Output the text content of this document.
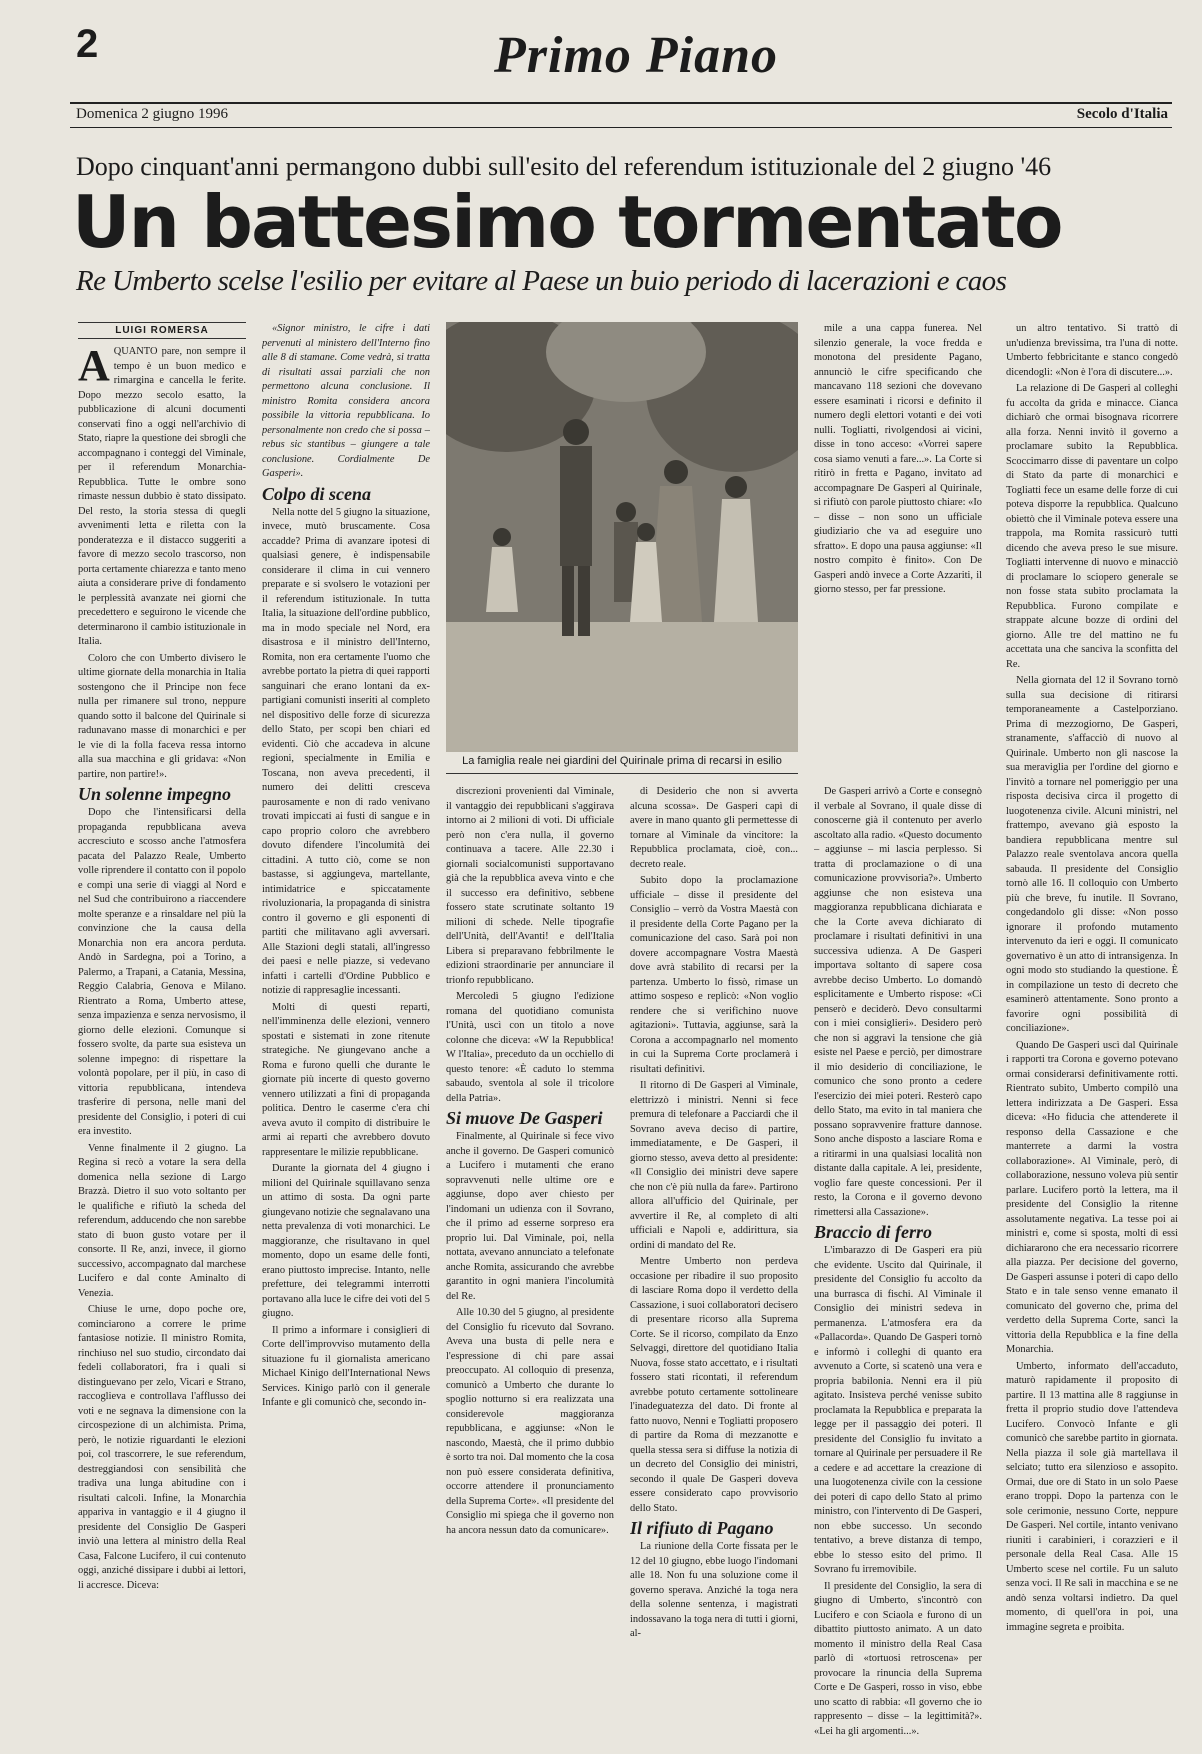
2	Primo Piano
Domenica 2 giugno 1996	Secolo d'Italia
Dopo cinquant'anni permangono dubbi sull'esito del referendum istituzionale del 2 giugno '46
Un battesimo tormentato
Re Umberto scelse l'esilio per evitare al Paese un buio periodo di lacerazioni e caos
LUIGI ROMERSA

AQUANTO pare, non sempre il tempo è un buon medico e rimargina e cancella le ferite. Dopo mezzo secolo esatto, la pubblicazione di alcuni documenti conservati fino a oggi nell'archivio di Stato, riapre la questione dei sbrogli che accompagnano i conteggi del Viminale, per il referendum Monarchia-Repubblica. Tutte le ombre sono rimaste nessun dubbio è stato dissipato. Del resto, la storia stessa di quegli avvenimenti letta e riletta con la ponderatezza e il distacco suggeriti a favore di mezzo secolo trascorso, non porta certamente chiarezza e tanto meno aiuta a considerare prive di fondamento le perplessità avanzate nei giorni che precedettero e seguirono le vicende che determinarono il cambio istituzionale in Italia.

Coloro che con Umberto divisero le ultime giornate della monarchia in Italia sostengono che il Principe non fece nulla per rimanere sul trono, neppure quando sotto il balcone del Quirinale si radunavano masse di monarchici e per le vie di la folla faceva ressa intorno alla sua macchina e gli gridava: «Non partire, non partire!».

Un solenne impegno

Dopo che l'intensificarsi della propaganda repubblicana aveva accresciuto e scosso anche l'atmosfera pacata del Palazzo Reale, Umberto volle riprendere il contatto con il popolo e compì una serie di viaggi al Nord e nel Sud che contribuirono a riaccendere molte speranze e a rinsaldare nel più la convinzione che la causa della Monarchia non era ancora perduta. Andò in Sardegna, poi a Torino, a Palermo, a Trapani, a Catania, Messina, Reggio Calabria, Genova e Milano. Rientrato a Roma, Umberto attese, senza impazienza e senza nervosismo, il giorno delle elezioni. Comunque si fossero svolte, da parte sua esisteva un solenne impegno: di rispettare la volontà popolare, per il più, in caso di vittoria repubblicana, intendeva trasferire di persona, nelle mani del presidente del Consiglio, i poteri di cui era investito.

Venne finalmente il 2 giugno. La Regina si recò a votare la sera della domenica nella sezione di Largo Brazzà. Dietro il suo voto soltanto per le qualifiche e rifiutò la scheda del referendum, adducendo che non sarebbe stato di buon gusto votare per il consorte. Il Re, anzi, invece, il giorno successivo, accompagnato dal marchese Lucifero e dal conte Aminalto di Venezia.

Chiuse le urne, dopo poche ore, cominciarono a correre le prime fantasiose notizie. Il ministro Romita, rinchiuso nel suo studio, circondato dai fedeli collaboratori, fra i quali si distinguevano per zelo, Vicari e Strano, raccoglieva e controllava l'afflusso dei voti e ne segnava la dimensione con la circospezione di un alchimista. Prima, però, le notizie riguardanti le elezioni poi, col trascorrere, le sue referendum, destreggiandosi con sensibilità che tradiva una lunga abitudine con i risultati calcoli. Infine, la Monarchia appariva in vantaggio e il 4 giugno il presidente del Consiglio De Gasperi inviò una lettera al ministro della Real Casa, Falcone Lucifero, il cui contenuto oggi, anziché dissipare i dubbi ai lettori, li accresce. Diceva:

«Signor ministro, le cifre i dati pervenuti al ministero dell'Interno fino alle 8 di stamane. Come vedrà, si tratta di risultati assai parziali che non permettono alcuna conclusione. Il ministro Romita considera ancora possibile la vittoria repubblicana. Io personalmente non credo che si possa – rebus sic stantibus – giungere a tale conclusione. Cordialmente De Gasperi».

Colpo di scena

Nella notte del 5 giugno la situazione, invece, mutò bruscamente. Cosa accadde? Prima di avanzare ipotesi di qualsiasi genere, è indispensabile considerare il clima in cui vennero preparate e si svolsero le votazioni per il referendum istituzionale. In tutta Italia, la situazione dell'ordine pubblico, ma in modo speciale nel Nord, era disastrosa e il ministro dell'Interno, Romita, non era certamente l'uomo che avrebbe portato la pietra di quei rapporti sanguinari che erano lontani da ex-partigiani comunisti inseriti al completo nel dispositivo delle forze di sicurezza dello Stato, per scopi ben chiari ed evidenti. Ciò che accadeva in alcune regioni, specialmente in Emilia e Toscana, non aveva precedenti, il numero dei delitti cresceva paurosamente e non di rado venivano trovati impiccati ai fusti di sangue e in capo proprio coloro che avrebbero dovuto difendere l'incolumità dei cittadini. A tutto ciò, come se non bastasse, si aggiungeva, martellante, intimidatrice e spiccatamente rivoluzionaria, la propaganda di sinistra contro il governo e gli esponenti di partiti che militavano agli avversari. Alle Stazioni degli statali, all'ingresso dei paesi e nelle piazze, si vedevano infatti i cartelli d'Ordine Pubblico e notizie di rappresaglie incessanti.

Molti di questi reparti, nell'imminenza delle elezioni, vennero spostati e sistemati in zone ritenute strategiche. Ne giungevano anche a Roma e furono quelli che durante le giornate più incerte di questo governo vennero utilizzati a fini di propaganda politica. Dentro le caserme c'era chi aveva avuto il compito di distribuire le armi ai reparti che avrebbero dovuto rappresentare le milizie repubblicane.

Durante la giornata del 4 giugno i milioni del Quirinale squillavano senza un attimo di sosta. Da ogni parte giungevano notizie che segnalavano una netta prevalenza di voti monarchici. Le maggioranze, che risultavano in quel momento, dopo un esame delle fonti, erano piuttosto imprecise. Intanto, nelle prefetture, dei telegrammi interrotti portavano alla luce le cifre dei voti del 5 giugno.

Il primo a informare i consiglieri di Corte dell'improvviso mutamento della situazione fu il giornalista americano Michael Kinigo dell'International News Services. Kinigo parlò con il generale Infante e gli comunicò che, secondo in-

La famiglia reale nei giardini del Quirinale prima di recarsi in esilio

discrezioni provenienti dal Viminale, il vantaggio dei repubblicani s'aggirava intorno ai 2 milioni di voti. Di ufficiale però non c'era nulla, il governo continuava a tacere. Alle 22.30 i giornali socialcomunisti supportavano già che la repubblica aveva vinto e che il successo era definitivo, sebbene fossero state scrutinate soltanto 19 milioni di schede. Nelle tipografie dell'Unità, dell'Avanti! e dell'Italia Libera si preparavano febbrilmente le edizioni straordinarie per annunciare il trionfo repubblicano.

Mercoledì 5 giugno l'edizione romana del quotidiano comunista l'Unità, uscì con un titolo a nove colonne che diceva: «W la Repubblica! W l'Italia», preceduto da un occhiello di questo tenore: «È caduto lo stemma sabaudo, sventola al sole il tricolore della Patria».

Si muove De Gasperi

Finalmente, al Quirinale si fece vivo anche il governo. De Gasperi comunicò a Lucifero i mutamenti che erano sopravvenuti nelle ultime ore e aggiunse, dopo aver chiesto per l'indomani un udienza con il Sovrano, che il primo ad esserne sorpreso era proprio lui. Dal Viminale, poi, nella nottata, avevano annunciato a telefonate anche Romita, assicurando che avrebbe garantito in ogni maniera l'incolumità del Re.

Alle 10.30 del 5 giugno, al presidente del Consiglio fu ricevuto dal Sovrano. Aveva una busta di pelle nera e l'espressione di chi pare assai preoccupato. Al colloquio di presenza, comunicò a Umberto che durante lo spoglio notturno si era realizzata una considerevole maggioranza repubblicana, e aggiunse: «Non le nascondo, Maestà, che il primo dubbio è sorto tra noi. Dal momento che la cosa non può essere considerata definitiva, occorre attendere il pronunciamento della Suprema Corte». «Il presidente del Consiglio mi spiega che il governo non ha ancora nessun dato da comunicare».

di Desiderio che non si avverta alcuna scossa». De Gasperi capì di avere in mano quanto gli permettesse di tornare al Viminale da vincitore: la Repubblica proclamata, cioè, con... decreto reale.

Subito dopo la proclamazione ufficiale – disse il presidente del Consiglio – verrò da Vostra Maestà con il presidente della Corte Pagano per la comunicazione del caso. Sarà poi non dovere accompagnare Vostra Maestà dove avrà stabilito di recarsi per la partenza. Umberto lo fissò, rimase un attimo sospeso e replicò: «Non voglio rendere che si verifichino nuove agitazioni». Tuttavia, aggiunse, sarà la Corona a accompagnarlo nel momento in cui la Suprema Corte proclamerà i risultati definitivi.

Il ritorno di De Gasperi al Viminale, elettrizzò i ministri. Nenni si fece premura di telefonare a Pacciardi che il Sovrano aveva deciso di partire, immediatamente, e De Gasperi, il giorno stesso, aveva detto al presidente: «Il Consiglio dei ministri deve sapere che non c'è più nulla da fare». Partirono allora all'ufficio del Quirinale, per avvertire il Re, al completo di alti ufficiali e Napoli e, addirittura, sia ordini di mandato del Re.

Mentre Umberto non perdeva occasione per ribadire il suo proposito di lasciare Roma dopo il verdetto della Cassazione, i suoi collaboratori decisero di presentare ricorso alla Suprema Corte. Se il ricorso, compilato da Enzo Selvaggi, direttore del quotidiano Italia Nuova, fosse stato accettato, e i risultati fossero stati ricontati, il referendum avrebbe potuto certamente sottolineare l'inadeguatezza del dato. Di fronte al fatto nuovo, Nenni e Togliatti proposero di partire da Roma di mezzanotte e quella stessa sera si diffuse la notizia di un decreto del Consiglio dei ministri, secondo il quale De Gasperi doveva essere considerato capo provvisorio dello Stato.

Il rifiuto di Pagano

La riunione della Corte fissata per le 12 del 10 giugno, ebbe luogo l'indomani alle 18. Non fu una soluzione come il governo sperava. Anziché la toga nera della solenne sentenza, i magistrati indossavano la toga nera di tutti i giorni, al-

mile a una cappa funerea. Nel silenzio generale, la voce fredda e monotona del presidente Pagano, annunciò le cifre specificando che mancavano 118 sezioni che dovevano essere esaminati i ricorsi e definito il numero degli elettori votanti e dei voti nulli. Togliatti, rivolgendosi ai vicini, disse in tono acceso: «Vorrei sapere cosa siamo venuti a fare...». La Corte si ritirò in fretta e Pagano, invitato ad accompagnare De Gasperi al Quirinale, si rifiutò con parole piuttosto chiare: «Io – disse – non sono un ufficiale giudiziario che va ad eseguire uno sfratto». E dopo una pausa aggiunse: «Il nostro compito è finito». Con De Gasperi andò invece a Corte Azzariti, il giorno stesso, per far pressione.

De Gasperi arrivò a Corte e consegnò il verbale al Sovrano, il quale disse di conoscerne già il contenuto per averlo ascoltato alla radio. «Questo documento – aggiunse – mi lascia perplesso. Si tratta di proclamazione o di una comunicazione provvisoria?». Umberto aggiunse che non esisteva una maggioranza repubblicana dichiarata e che la Corte aveva dichiarato di proclamare i risultati definitivi in una successiva udienza. A De Gasperi importava soltanto di sapere cosa avrebbe deciso Umberto. Lo domandò esplicitamente e Umberto rispose: «Ci penserò e deciderò. Devo consultarmi con i miei consiglieri». Desidero però che non si aggravi la tensione che già esiste nel Paese e perciò, per dimostrare il mio desiderio di conciliazione, le comunico che sono pronto a cedere l'esercizio dei miei poteri. Resterò capo dello Stato, ma evito in tal maniera che possano sopravvenire fratture dannose. Sono anche disposto a lasciare Roma e a ritirarmi in una qualsiasi località non distante dalla capitale. A lei, presidente, voglio fare queste concessioni. Per il resto, la Corona e il governo devono rimettersi alla Cassazione».

Braccio di ferro

L'imbarazzo di De Gasperi era più che evidente. Uscito dal Quirinale, il presidente del Consiglio fu accolto da una burrasca di fischi. Al Viminale il Consiglio dei ministri sedeva in permanenza. L'atmosfera era da «Pallacorda». Quando De Gasperi tornò e informò i colleghi di quanto era avvenuto a Corte, si scatenò una vera e propria babilonia. Nenni era il più agitato. Insisteva perché venisse subito proclamata la Repubblica e preparata la legge per il passaggio dei poteri. Il presidente del Consiglio fu invitato a tornare al Quirinale per persuadere il Re a cedere e ad accettare la creazione di una luogotenenza civile con la cessione dei poteri di capo dello Stato al primo ministro, con l'intervento di De Gasperi, non ebbe successo. Un secondo tentativo, a breve distanza di tempo, ebbe lo stesso esito del primo. Il Sovrano fu irremovibile.

Il presidente del Consiglio, la sera di giugno di Umberto, s'incontrò con Lucifero e con Sciaola e furono di un dibattito piuttosto animato. A un dato momento il ministro della Real Casa parlò di «tortuosi retroscena» per provocare la rinuncia della Suprema Corte e De Gasperi, rosso in viso, ebbe uno scatto di rabbia: «Il governo che io rappresento – disse – la legittimità?». «Lei ha gli argomenti...».

un altro tentativo. Si trattò di un'udienza brevissima, tra l'una di notte. Umberto febbricitante e stanco congedò dicendogli: «Non è l'ora di discutere...».

La relazione di De Gasperi al colleghi fu accolta da grida e minacce. Cianca dichiarò che ormai bisognava ricorrere alla forza. Nenni invitò il governo a proclamare subito la Repubblica. Scoccimarro disse di paventare un colpo di Stato da parte di monarchici e Togliatti fece un esame delle forze di cui poteva disporre la repubblica. Qualcuno obiettò che il Viminale poteva essere una trappola, ma Romita rassicurò tutti dicendo che aveva preso le sue misure. Togliatti intervenne di nuovo e minacciò di proclamare lo sciopero generale se non fosse stata subito proclamata la Repubblica. Furono compilate e strappate alcune bozze di ordini del giorno. Alle tre del mattino ne fu accettata una che sanciva la sconfitta del Re.

Nella giornata del 12 il Sovrano tornò sulla sua decisione di ritirarsi temporaneamente a Castelporziano. Prima di mezzogiorno, De Gasperi, stranamente, s'affacciò di nuovo al Quirinale. Umberto non gli nascose la sua meraviglia per l'ordine del giorno e l'invitò a tornare nel pomeriggio per una risposta decisiva circa il progetto di luogotenenza civile. Alcuni ministri, nel frattempo, avevano già esposto la bandiera repubblicana mentre sul Palazzo reale sventolava ancora quella sabauda. Il presidente del Consiglio tornò alle 16. Il colloquio con Umberto più che breve, fu inutile. Il Sovrano, congedandolo gli disse: «Non posso ignorare il profondo mutamento intervenuto da ieri e oggi. Il comunicato governativo è un atto di intransigenza. In ogni modo sto studiando la questione. È in compilazione un testo di decreto che esaminerò attentamente. Sono pronto a favorire ogni possibilità di conciliazione».

Quando De Gasperi uscì dal Quirinale i rapporti tra Corona e governo potevano ormai considerarsi definitivamente rotti. Rientrato subito, Umberto compilò una lettera indirizzata a De Gasperi. Essa diceva: «Ho fiducia che attenderete il responso della Cassazione e che manterrete a darmi la vostra collaborazione». Al Viminale, però, di collaborazione, nessuno voleva più sentir parlare. Lucifero portò la lettera, ma il presidente del Consiglio la ritenne assolutamente negativa. La tesse poi ai ministri e, come si sposta, molti di essi dichiararono che era necessario ricorrere alla piazza. Per decisione del governo, De Gasperi assunse i poteri di capo dello Stato e in tale senso venne emanato il comunicato del governo che, prima del verdetto della Suprema Corte, sancì la vittoria della Repubblica e la fine della Monarchia.

Umberto, informato dell'accaduto, maturò rapidamente il proposito di partire. Il 13 mattina alle 8 raggiunse in fretta il proprio studio dove l'attendeva Lucifero. Convocò Infante e gli comunicò che sarebbe partito in giornata. Nella piazza il sole già martellava il selciato; tutto era silenzioso e assopito. Ormai, due ore di Stato in un solo Paese erano troppi. Dopo la partenza con le sole cerimonie, nessuno Corte, neppure De Gasperi. Nel cortile, intanto venivano riuniti i carabinieri, i corazzieri e il personale della Real Casa. Alle 15 Umberto scese nel cortile. Fu un saluto senza voci. Il Re salì in macchina e se ne andò senza voltarsi indietro. Da quel momento, di quell'ora in poi, una immagine segreta e proibita.
